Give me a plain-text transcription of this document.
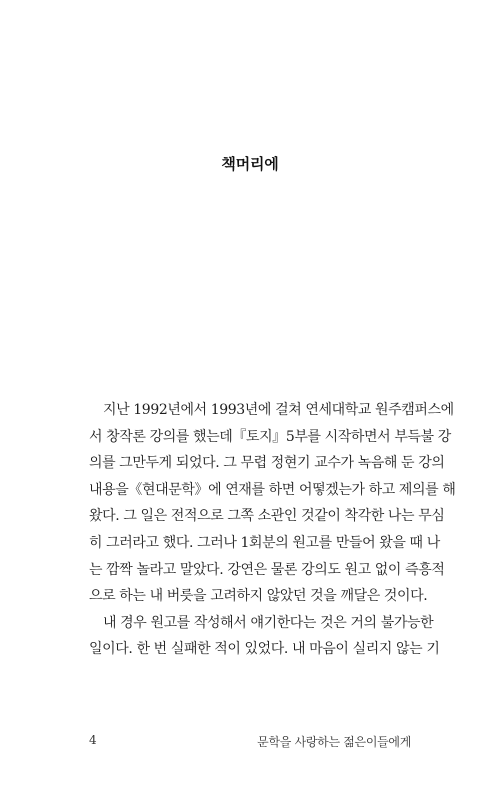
책머리에
지난 1992년에서 1993년에 걸쳐 연세대학교 원주캠퍼스에
서 창작론 강의를 했는데『토지』5부를 시작하면서 부득불 강
의를 그만두게 되었다. 그 무렵 정현기 교수가 녹음해 둔 강의
내용을《현대문학》에 연재를 하면 어떻겠는가 하고 제의를 해
왔다. 그 일은 전적으로 그쪽 소관인 것같이 착각한 나는 무심
히 그러라고 했다. 그러나 1회분의 원고를 만들어 왔을 때 나
는 깜짝 놀라고 말았다. 강연은 물론 강의도 원고 없이 즉흥적
으로 하는 내 버릇을 고려하지 않았던 것을 깨달은 것이다.
내 경우 원고를 작성해서 얘기한다는 것은 거의 불가능한
일이다. 한 번 실패한 적이 있었다. 내 마음이 실리지 않는 기
4	문학을 사랑하는 젊은이들에게
